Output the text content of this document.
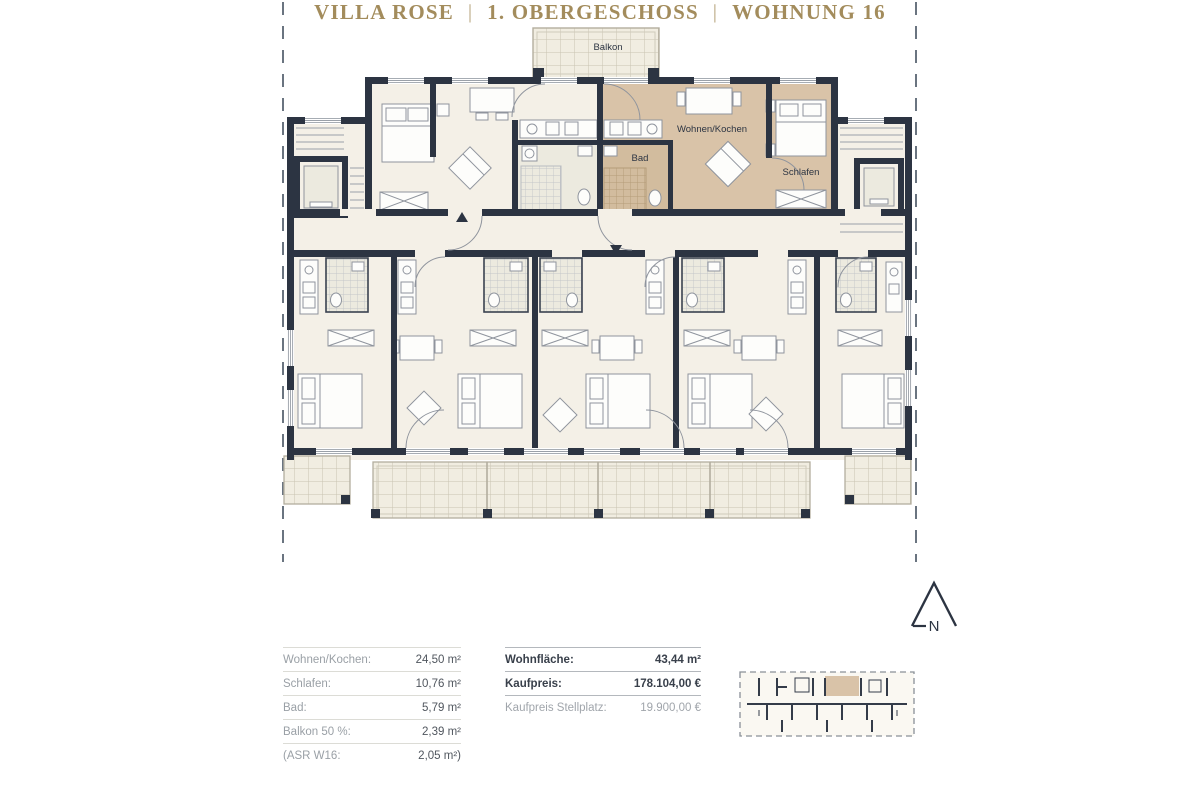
Balkon
Wohnen/Kochen
Bad
Schlafen
VILLA ROSE | 1. OBERGESCHOSS | WOHNUNG 16
N
Wohnen/Kochen:	24,50 m²
Schlafen:	10,76 m²
Bad:	5,79 m²
Balkon 50 %:	2,39 m²
(ASR W16:	2,05 m²)
Wohnfläche:	43,44 m²
Kaufpreis:	178.104,00 €
Kaufpreis Stellplatz:	19.900,00 €
